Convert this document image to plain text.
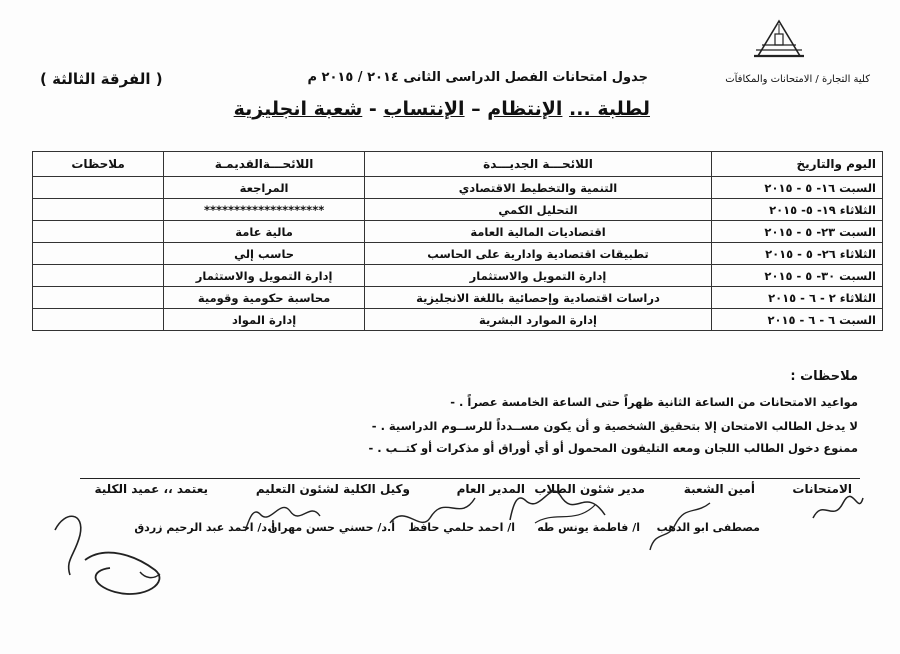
كلية التجارة / الامتحانات والمكافآت
جدول امتحانات الفصل الدراسى الثانى ٢٠١٤ / ٢٠١٥ م
( الفرقة الثالثة )
لطلبة ... الإنتظام – الإنتساب - شعبة انجليزية
اليوم والتاريخ	اللائحـــة الجديـــدة	اللائحـــةالقديمـة	ملاحظات
السبت ١٦- ٥ - ٢٠١٥	التنمية والتخطيط الاقتصادي	المراجعة	
الثلاثاء ١٩- ٥- ٢٠١٥	التحليل الكمي	********************	
السبت ٢٣- ٥ - ٢٠١٥	اقتصاديات المالية العامة	مالية عامة	
الثلاثاء ٢٦- ٥ - ٢٠١٥	تطبيقات اقتصادية وادارية على الحاسب	حاسب إلي	
السبت ٣٠- ٥ - ٢٠١٥	إدارة التمويل والاستثمار	إدارة التمويل والاستثمار	
الثلاثاء ٢ - ٦ - ٢٠١٥	دراسات اقتصادية وإحصائية باللغة الانجليزية	محاسبة حكومية وقومية	
السبت ٦ - ٦ - ٢٠١٥	إدارة الموارد البشرية	إدارة المواد	
ملاحظات :
مواعيد الامتحانات من الساعة الثانية ظهراً حتى الساعة الخامسة عصراً . -
لا يدخل الطالب الامتحان إلا بتحقيق الشخصية و أن يكون مســدداً للرســوم الدراسية . -
ممنوع دخول الطالب اللجان ومعه التليفون المحمول أو أي أوراق أو مذكرات أو كتــب . -
الامتحانات
أمين الشعبة
مدير شئون الطلاب
المدير العام
وكيل الكلية لشئون التعليم
يعتمد ،، عميد الكلية
مصطفى ابو الدهب
ا/ فاطمة يونس طه
ا/ احمد حلمي حافظ
أ.د/ حسني حسن مهران
أ.د/ احمد عبد الرحيم زردق
